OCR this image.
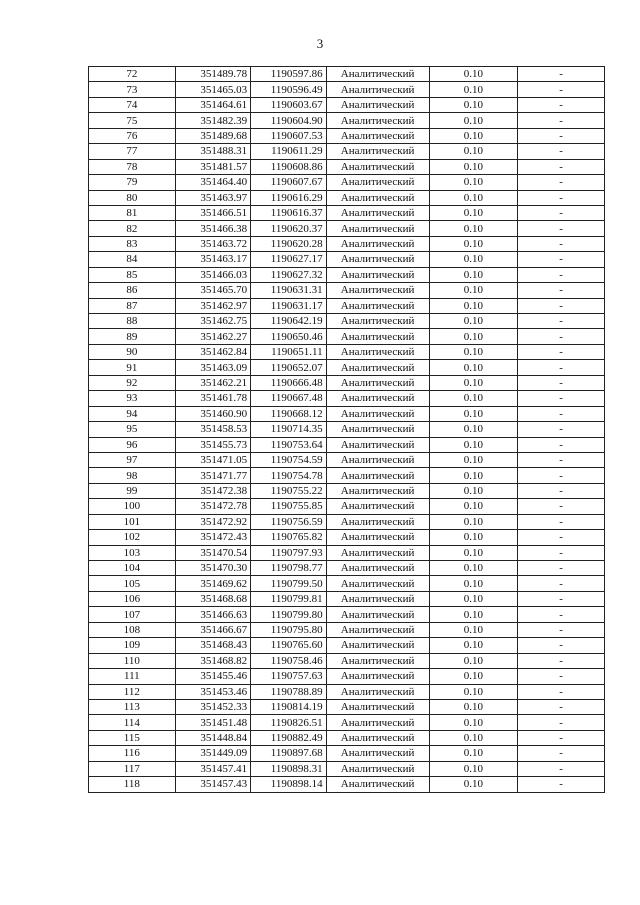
3
72	351489.78	1190597.86	Аналитический	0.10	-
73	351465.03	1190596.49	Аналитический	0.10	-
74	351464.61	1190603.67	Аналитический	0.10	-
75	351482.39	1190604.90	Аналитический	0.10	-
76	351489.68	1190607.53	Аналитический	0.10	-
77	351488.31	1190611.29	Аналитический	0.10	-
78	351481.57	1190608.86	Аналитический	0.10	-
79	351464.40	1190607.67	Аналитический	0.10	-
80	351463.97	1190616.29	Аналитический	0.10	-
81	351466.51	1190616.37	Аналитический	0.10	-
82	351466.38	1190620.37	Аналитический	0.10	-
83	351463.72	1190620.28	Аналитический	0.10	-
84	351463.17	1190627.17	Аналитический	0.10	-
85	351466.03	1190627.32	Аналитический	0.10	-
86	351465.70	1190631.31	Аналитический	0.10	-
87	351462.97	1190631.17	Аналитический	0.10	-
88	351462.75	1190642.19	Аналитический	0.10	-
89	351462.27	1190650.46	Аналитический	0.10	-
90	351462.84	1190651.11	Аналитический	0.10	-
91	351463.09	1190652.07	Аналитический	0.10	-
92	351462.21	1190666.48	Аналитический	0.10	-
93	351461.78	1190667.48	Аналитический	0.10	-
94	351460.90	1190668.12	Аналитический	0.10	-
95	351458.53	1190714.35	Аналитический	0.10	-
96	351455.73	1190753.64	Аналитический	0.10	-
97	351471.05	1190754.59	Аналитический	0.10	-
98	351471.77	1190754.78	Аналитический	0.10	-
99	351472.38	1190755.22	Аналитический	0.10	-
100	351472.78	1190755.85	Аналитический	0.10	-
101	351472.92	1190756.59	Аналитический	0.10	-
102	351472.43	1190765.82	Аналитический	0.10	-
103	351470.54	1190797.93	Аналитический	0.10	-
104	351470.30	1190798.77	Аналитический	0.10	-
105	351469.62	1190799.50	Аналитический	0.10	-
106	351468.68	1190799.81	Аналитический	0.10	-
107	351466.63	1190799.80	Аналитический	0.10	-
108	351466.67	1190795.80	Аналитический	0.10	-
109	351468.43	1190765.60	Аналитический	0.10	-
110	351468.82	1190758.46	Аналитический	0.10	-
111	351455.46	1190757.63	Аналитический	0.10	-
112	351453.46	1190788.89	Аналитический	0.10	-
113	351452.33	1190814.19	Аналитический	0.10	-
114	351451.48	1190826.51	Аналитический	0.10	-
115	351448.84	1190882.49	Аналитический	0.10	-
116	351449.09	1190897.68	Аналитический	0.10	-
117	351457.41	1190898.31	Аналитический	0.10	-
118	351457.43	1190898.14	Аналитический	0.10	-
